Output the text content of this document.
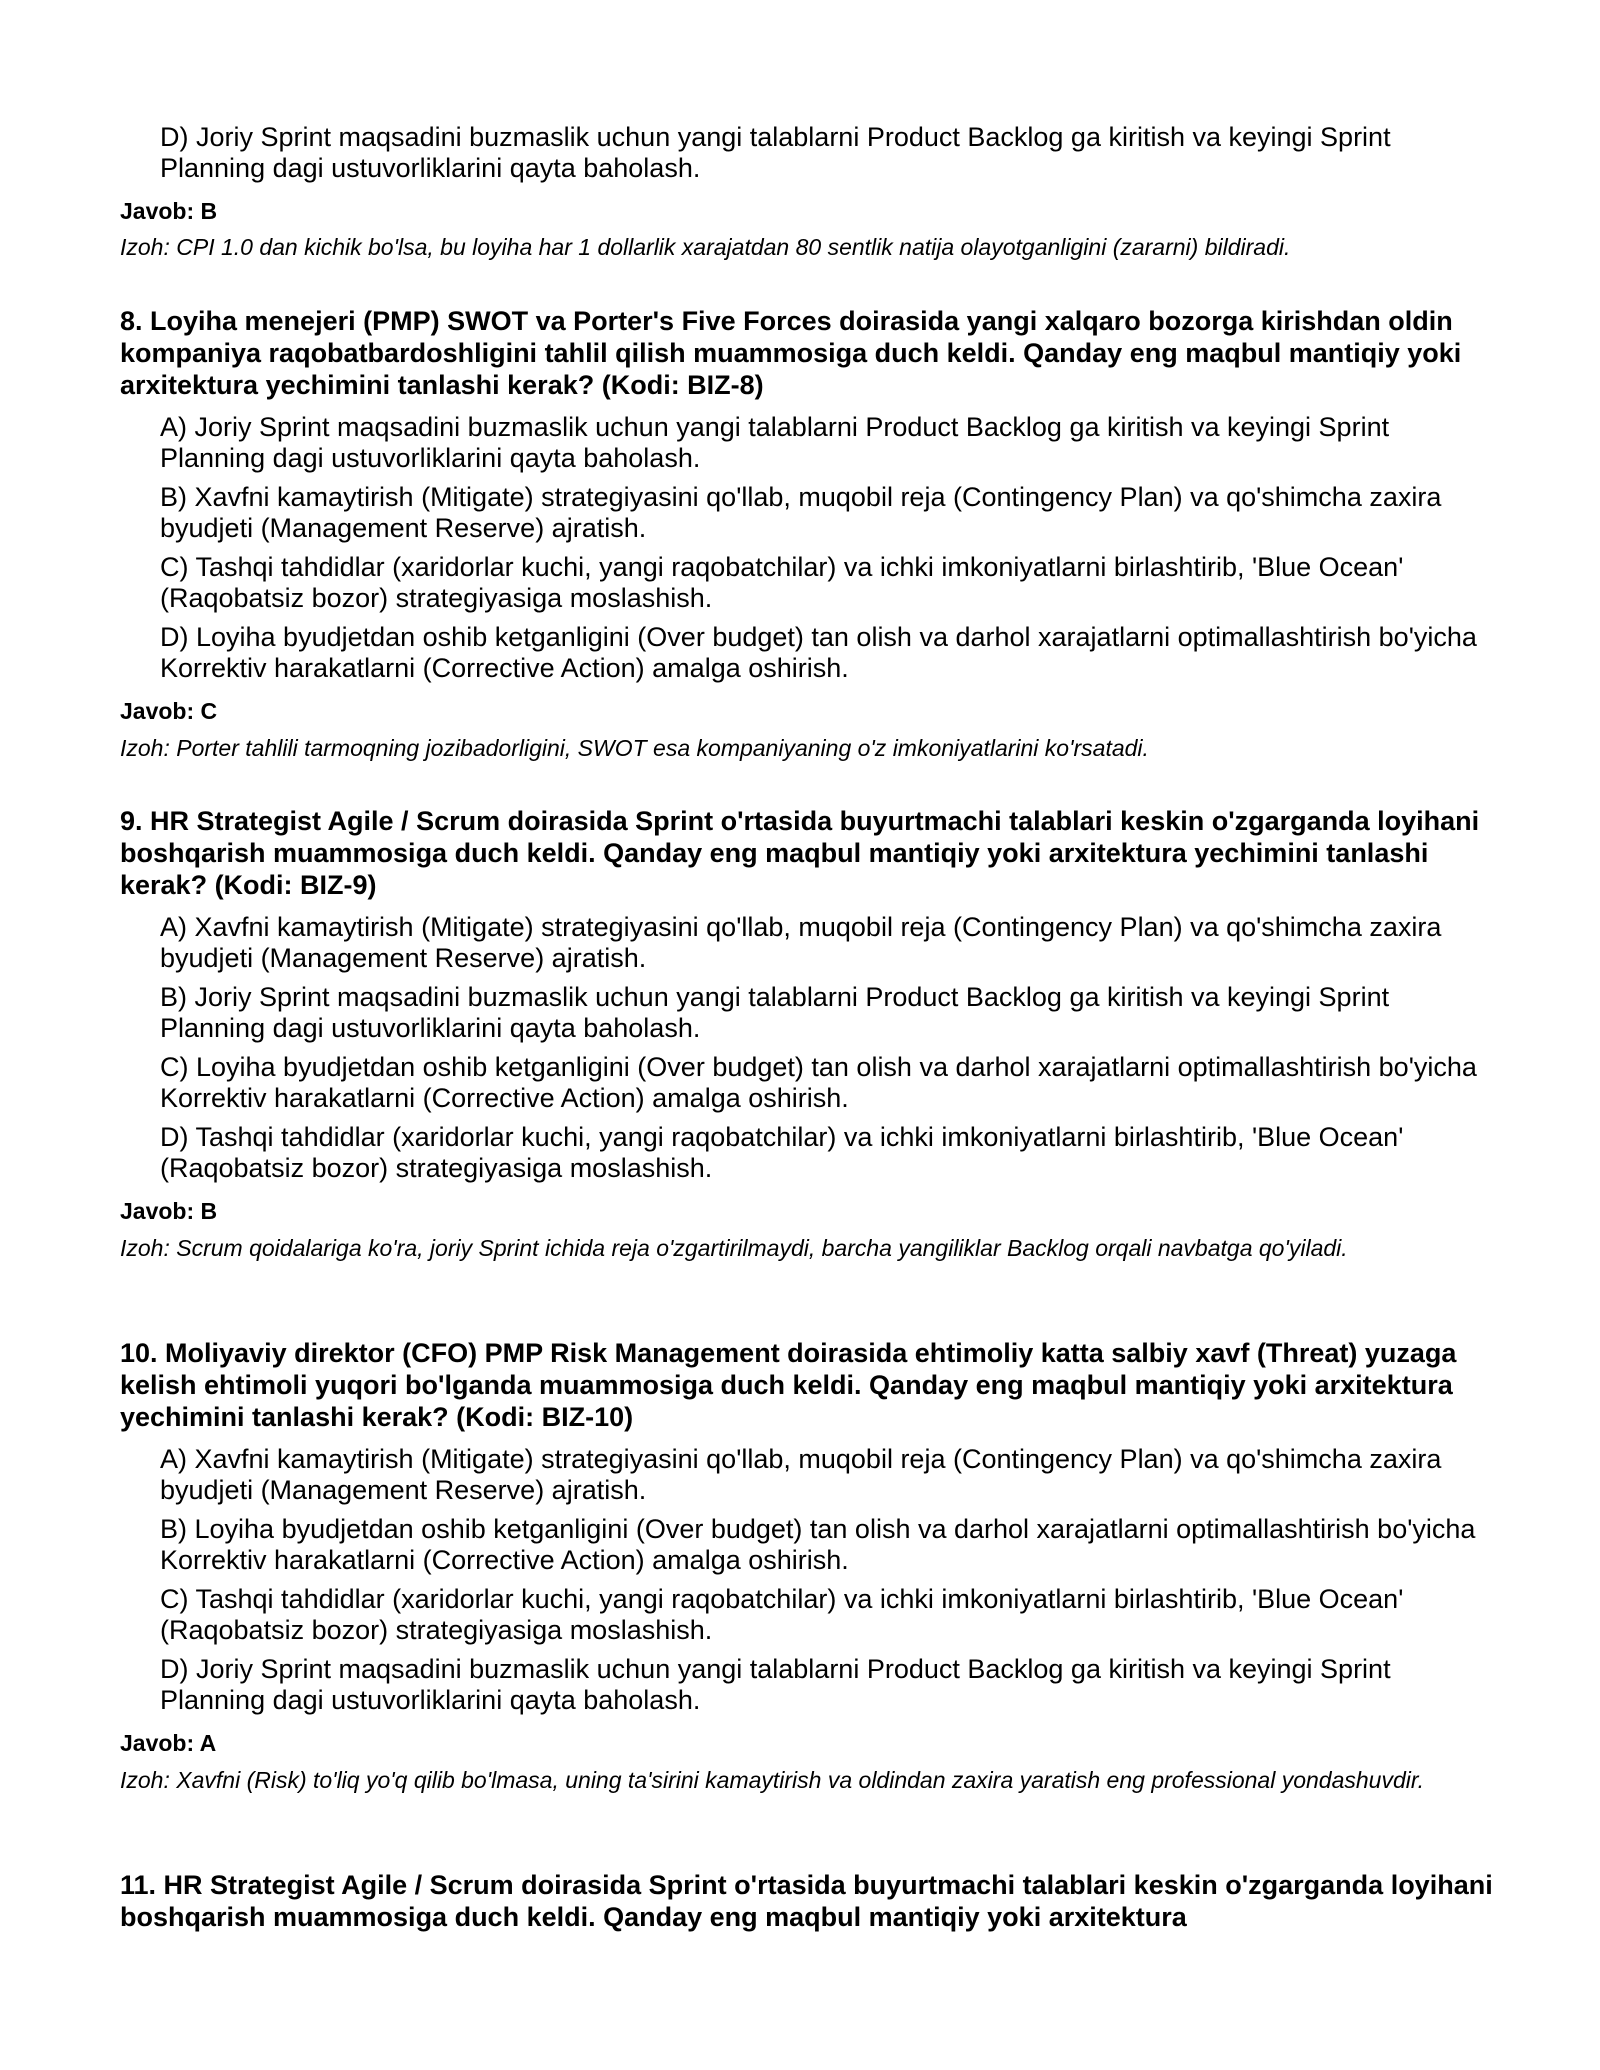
D) Joriy Sprint maqsadini buzmaslik uchun yangi talablarni Product Backlog ga kiritish va keyingi Sprint Planning dagi ustuvorliklarini qayta baholash.

Javob: B

Izoh: CPI 1.0 dan kichik bo'lsa, bu loyiha har 1 dollarlik xarajatdan 80 sentlik natija olayotganligini (zararni) bildiradi.

8. Loyiha menejeri (PMP) SWOT va Porter's Five Forces doirasida yangi xalqaro bozorga kirishdan oldin kompaniya raqobatbardoshligini tahlil qilish muammosiga duch keldi. Qanday eng maqbul mantiqiy yoki arxitektura yechimini tanlashi kerak? (Kodi: BIZ-8)

A) Joriy Sprint maqsadini buzmaslik uchun yangi talablarni Product Backlog ga kiritish va keyingi Sprint Planning dagi ustuvorliklarini qayta baholash.

B) Xavfni kamaytirish (Mitigate) strategiyasini qo'llab, muqobil reja (Contingency Plan) va qo'shimcha zaxira byudjeti (Management Reserve) ajratish.

C) Tashqi tahdidlar (xaridorlar kuchi, yangi raqobatchilar) va ichki imkoniyatlarni birlashtirib, 'Blue Ocean' (Raqobatsiz bozor) strategiyasiga moslashish.

D) Loyiha byudjetdan oshib ketganligini (Over budget) tan olish va darhol xarajatlarni optimallashtirish bo'yicha Korrektiv harakatlarni (Corrective Action) amalga oshirish.

Javob: C

Izoh: Porter tahlili tarmoqning jozibadorligini, SWOT esa kompaniyaning o'z imkoniyatlarini ko'rsatadi.

9. HR Strategist Agile / Scrum doirasida Sprint o'rtasida buyurtmachi talablari keskin o'zgarganda loyihani boshqarish muammosiga duch keldi. Qanday eng maqbul mantiqiy yoki arxitektura yechimini tanlashi kerak? (Kodi: BIZ-9)

A) Xavfni kamaytirish (Mitigate) strategiyasini qo'llab, muqobil reja (Contingency Plan) va qo'shimcha zaxira byudjeti (Management Reserve) ajratish.

B) Joriy Sprint maqsadini buzmaslik uchun yangi talablarni Product Backlog ga kiritish va keyingi Sprint Planning dagi ustuvorliklarini qayta baholash.

C) Loyiha byudjetdan oshib ketganligini (Over budget) tan olish va darhol xarajatlarni optimallashtirish bo'yicha Korrektiv harakatlarni (Corrective Action) amalga oshirish.

D) Tashqi tahdidlar (xaridorlar kuchi, yangi raqobatchilar) va ichki imkoniyatlarni birlashtirib, 'Blue Ocean' (Raqobatsiz bozor) strategiyasiga moslashish.

Javob: B

Izoh: Scrum qoidalariga ko'ra, joriy Sprint ichida reja o'zgartirilmaydi, barcha yangiliklar Backlog orqali navbatga qo'yiladi.

10. Moliyaviy direktor (CFO) PMP Risk Management doirasida ehtimoliy katta salbiy xavf (Threat) yuzaga kelish ehtimoli yuqori bo'lganda muammosiga duch keldi. Qanday eng maqbul mantiqiy yoki arxitektura yechimini tanlashi kerak? (Kodi: BIZ-10)

A) Xavfni kamaytirish (Mitigate) strategiyasini qo'llab, muqobil reja (Contingency Plan) va qo'shimcha zaxira byudjeti (Management Reserve) ajratish.

B) Loyiha byudjetdan oshib ketganligini (Over budget) tan olish va darhol xarajatlarni optimallashtirish bo'yicha Korrektiv harakatlarni (Corrective Action) amalga oshirish.

C) Tashqi tahdidlar (xaridorlar kuchi, yangi raqobatchilar) va ichki imkoniyatlarni birlashtirib, 'Blue Ocean' (Raqobatsiz bozor) strategiyasiga moslashish.

D) Joriy Sprint maqsadini buzmaslik uchun yangi talablarni Product Backlog ga kiritish va keyingi Sprint Planning dagi ustuvorliklarini qayta baholash.

Javob: A

Izoh: Xavfni (Risk) to'liq yo'q qilib bo'lmasa, uning ta'sirini kamaytirish va oldindan zaxira yaratish eng professional yondashuvdir.

11. HR Strategist Agile / Scrum doirasida Sprint o'rtasida buyurtmachi talablari keskin o'zgarganda loyihani boshqarish muammosiga duch keldi. Qanday eng maqbul mantiqiy yoki arxitektura
